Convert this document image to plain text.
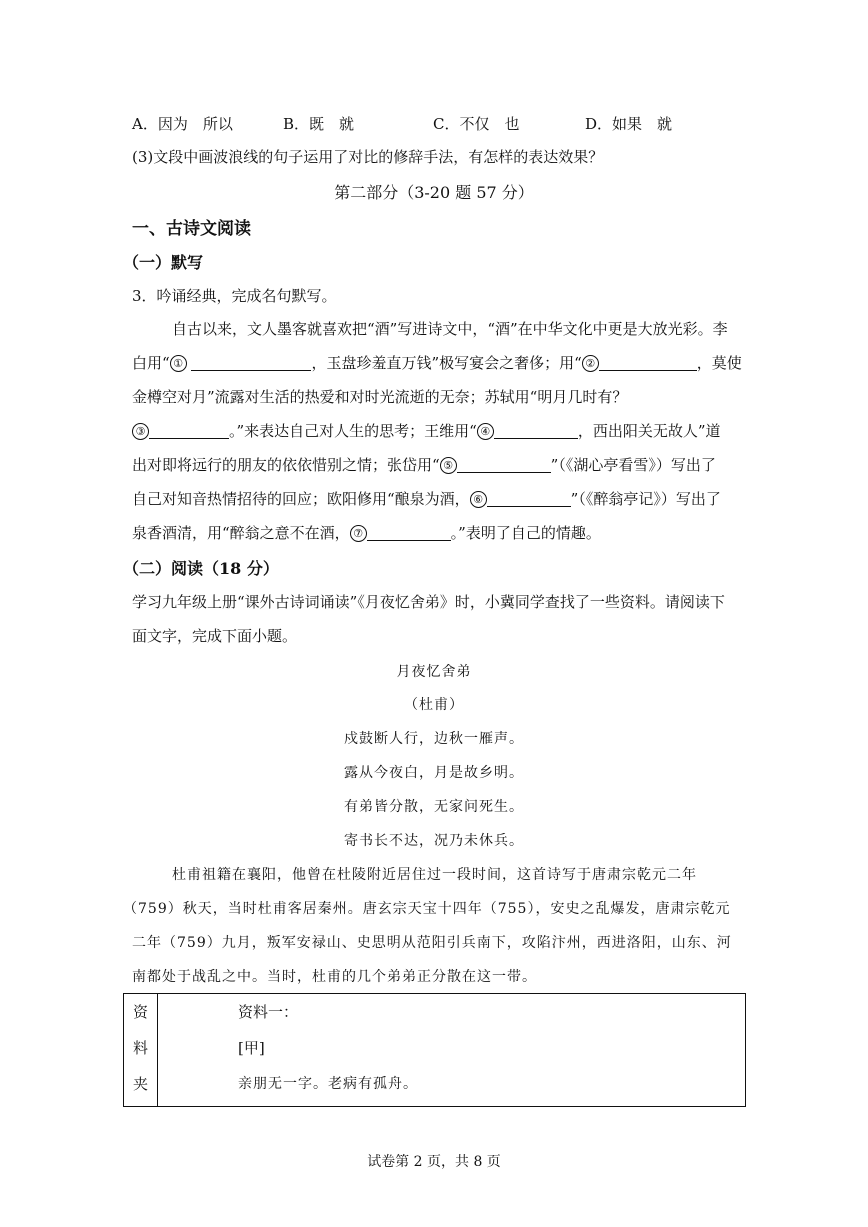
A．因为　所以	B．既　就	C．不仅　也	D．如果　就
(3)文段中画波浪线的句子运用了对比的修辞手法，有怎样的表达效果？
第二部分（3-20 题 57 分）
一、古诗文阅读
（一）默写
3．吟诵经典，完成名句默写。
自古以来，文人墨客就喜欢把“酒”写进诗文中，“酒”在中华文化中更是大放光彩。李
白用“ ①	，玉盘珍羞直万钱”极写宴会之奢侈；用“ ②	，莫使
金樽空对月”流露对生活的热爱和对时光流逝的无奈；苏轼用“明月几时有？
③	。”来表达自己对人生的思考；王维用“ ④	，西出阳关无故人”道
出对即将远行的朋友的依依惜别之情；张岱用“ ⑤	”（《湖心亭看雪》）写出了
自己对知音热情招待的回应；欧阳修用“酿泉为酒， ⑥	”（《醉翁亭记》）写出了
泉香酒清，用“醉翁之意不在酒， ⑦	。”表明了自己的情趣。
（二）阅读（18 分）
学习九年级上册“课外古诗词诵读”《月夜忆舍弟》时，小冀同学查找了一些资料。请阅读下
面文字，完成下面小题。
月夜忆舍弟
（杜甫）
戍鼓断人行，边秋一雁声。
露从今夜白，月是故乡明。
有弟皆分散，无家问死生。
寄书长不达，况乃未休兵。
杜甫祖籍在襄阳，他曾在杜陵附近居住过一段时间，这首诗写于唐肃宗乾元二年
（759）秋天，当时杜甫客居秦州。唐玄宗天宝十四年（755），安史之乱爆发，唐肃宗乾元
二年（759）九月，叛军安禄山、史思明从范阳引兵南下，攻陷汴州，西进洛阳，山东、河
南都处于战乱之中。当时，杜甫的几个弟弟正分散在这一带。
资
料
夹

资料一：
[甲]
亲朋无一字。老病有孤舟。
试卷第 2 页，共 8 页
